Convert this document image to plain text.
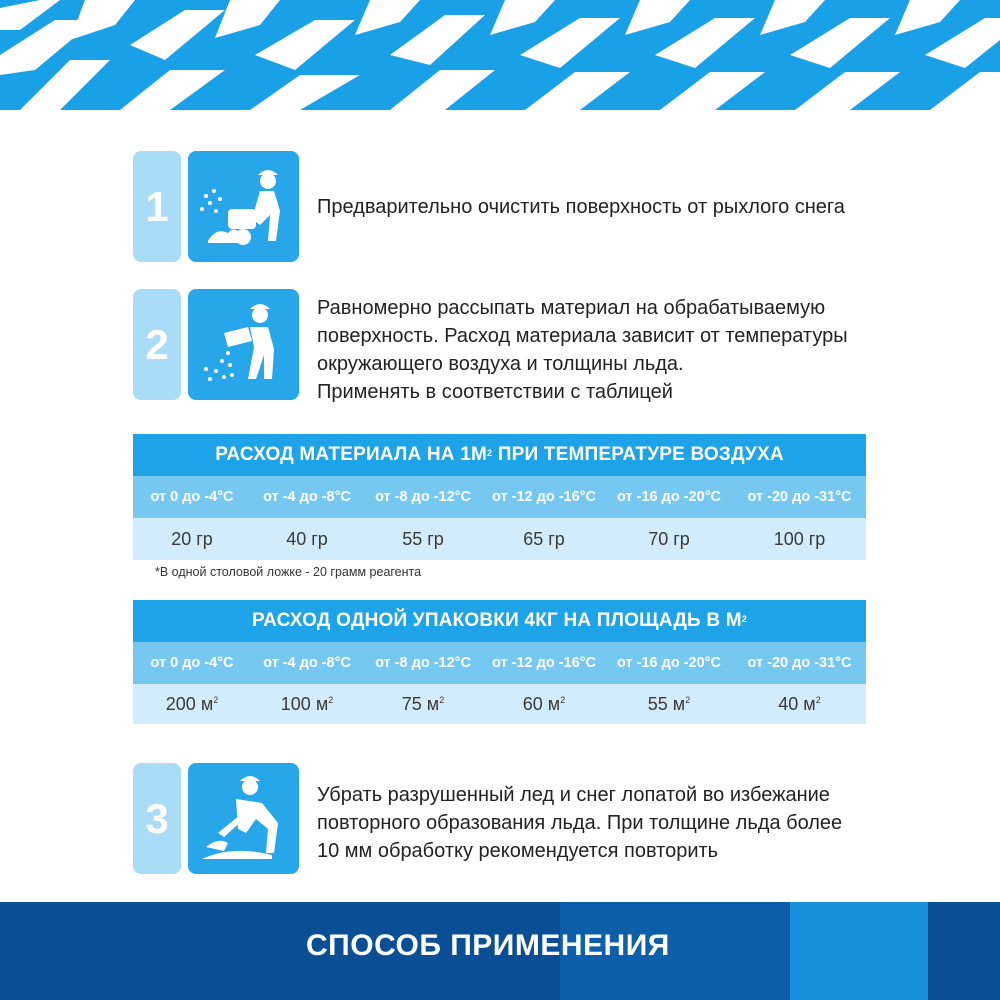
1	Предварительно очистить поверхность от рыхлого снега
2
Равномерно рассыпать материал на обрабатываемую
поверхность. Расход материала зависит от температуры
окружающего воздуха и толщины льда.
Применять в соответствии с таблицей
РАСХОД МАТЕРИАЛА НА $1М^2$ ПРИ ТЕМПЕРАТУРЕ ВОЗДУХА
от 0 до -4°С	от -4 до -8°С	от -8 до -12°С	от -12 до -16°С	от -16 до -20°С	от -20 до -31°С
20 гр	40 гр	55 гр	65 гр	70 гр	100 гр
*В одной столовой ложке - 20 грамм реагента
РАСХОД ОДНОЙ УПАКОВКИ 4КГ НА ПЛОЩАДЬ В $М^2$
от 0 до -4°С	от -4 до -8°С	от -8 до -12°С	от -12 до -16°С	от -16 до -20°С	от -20 до -31°С
200 $м^2$	100 $м^2$	75 $м^2$	60 $м^2$	55 $м^2$	40 $м^2$
3	Убрать разрушенный лед и снег лопатой во избежание
повторного образования льда. При толщине льда более
10 мм обработку рекомендуется повторить
СПОСОБ ПРИМЕНЕНИЯ
